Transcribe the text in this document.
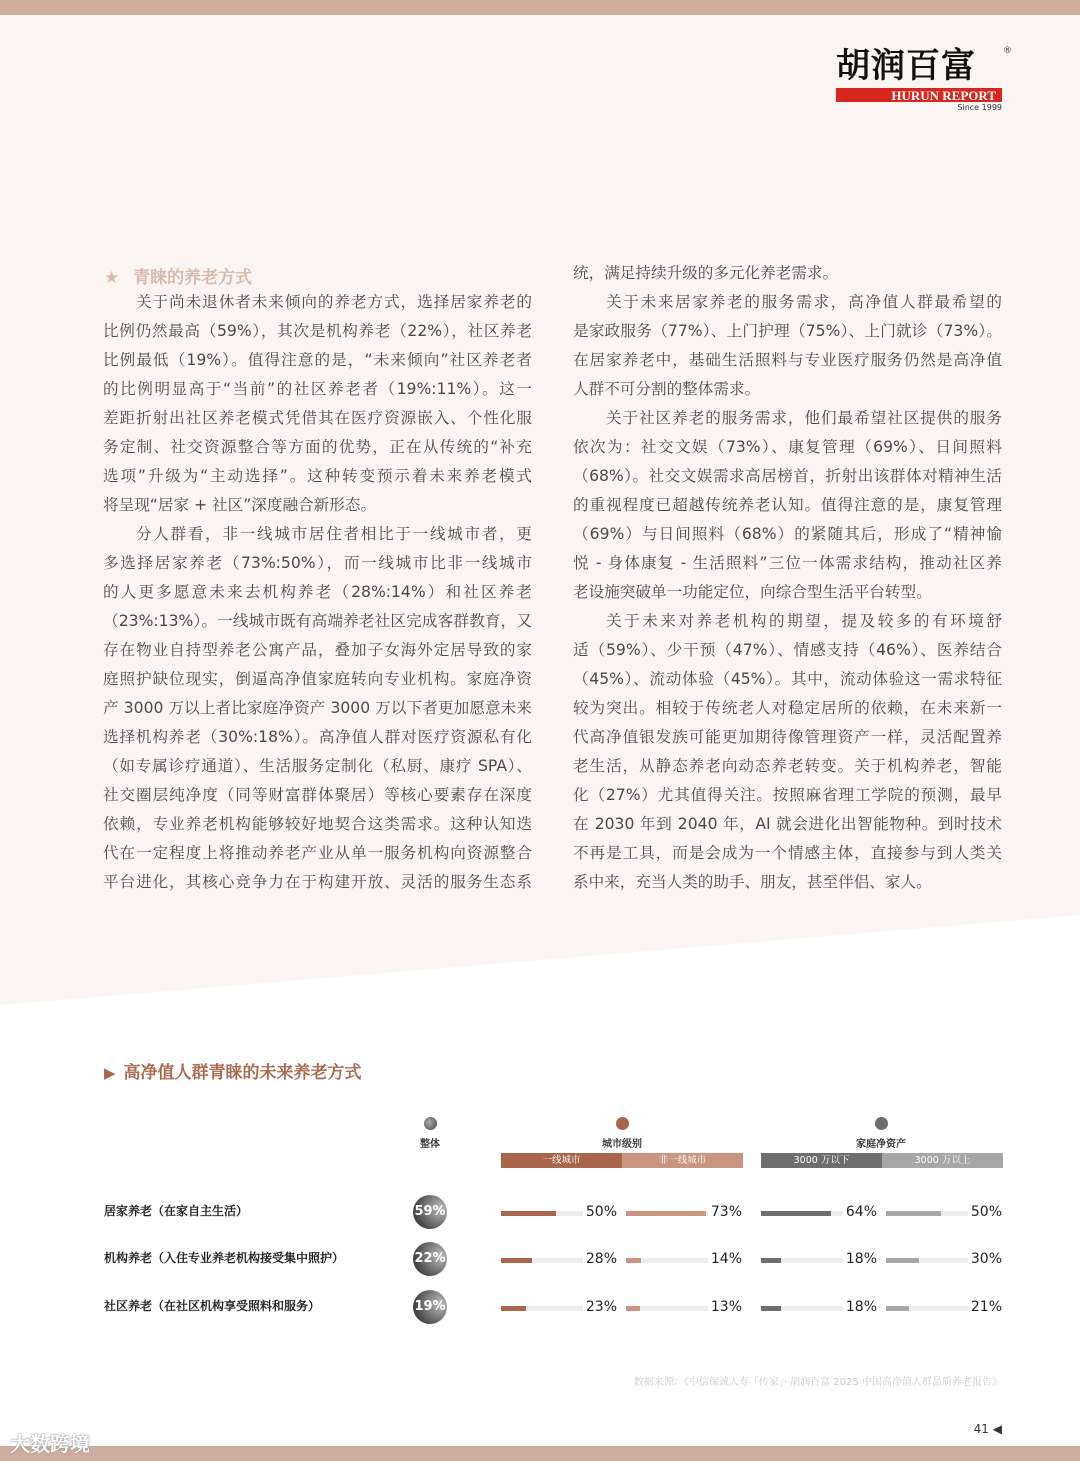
胡润百富	®
HURUN REPORT
Since 1999
★ 青睐的养老方式
关于尚未退休者未来倾向的养老方式，选择居家养老的
比例仍然最高（59%），其次是机构养老（22%），社区养老
比例最低（19%）。值得注意的是，“未来倾向”社区养老者
的比例明显高于“当前”的社区养老者（19%:11%）。这一
差距折射出社区养老模式凭借其在医疗资源嵌入、个性化服
务定制、社交资源整合等方面的优势，正在从传统的“补充
选项”升级为“主动选择”。这种转变预示着未来养老模式
将呈现“居家 + 社区”深度融合新形态。
分人群看，非一线城市居住者相比于一线城市者，更
多选择居家养老（73%:50%），而一线城市比非一线城市
的人更多愿意未来去机构养老（28%:14%）和社区养老
（23%:13%）。一线城市既有高端养老社区完成客群教育，又
存在物业自持型养老公寓产品，叠加子女海外定居导致的家
庭照护缺位现实，倒逼高净值家庭转向专业机构。家庭净资
产 3000 万以上者比家庭净资产 3000 万以下者更加愿意未来
选择机构养老（30%:18%）。高净值人群对医疗资源私有化
（如专属诊疗通道）、生活服务定制化（私厨、康疗 SPA）、
社交圈层纯净度（同等财富群体聚居）等核心要素存在深度
依赖，专业养老机构能够较好地契合这类需求。这种认知迭
代在一定程度上将推动养老产业从单一服务机构向资源整合
平台进化，其核心竞争力在于构建开放、灵活的服务生态系
统，满足持续升级的多元化养老需求。
关于未来居家养老的服务需求，高净值人群最希望的
是家政服务（77%）、上门护理（75%）、上门就诊（73%）。
在居家养老中，基础生活照料与专业医疗服务仍然是高净值
人群不可分割的整体需求。
关于社区养老的服务需求，他们最希望社区提供的服务
依次为：社交文娱（73%）、康复管理（69%）、日间照料
（68%）。社交文娱需求高居榜首，折射出该群体对精神生活
的重视程度已超越传统养老认知。值得注意的是，康复管理
（69%）与日间照料（68%）的紧随其后，形成了“精神愉
悦 - 身体康复 - 生活照料”三位一体需求结构，推动社区养
老设施突破单一功能定位，向综合型生活平台转型。
关于未来对养老机构的期望，提及较多的有环境舒
适（59%）、少干预（47%）、情感支持（46%）、医养结合
（45%）、流动体验（45%）。其中，流动体验这一需求特征
较为突出。相较于传统老人对稳定居所的依赖，在未来新一
代高净值银发族可能更加期待像管理资产一样，灵活配置养
老生活，从静态养老向动态养老转变。关于机构养老，智能
化（27%）尤其值得关注。按照麻省理工学院的预测，最早
在 2030 年到 2040 年，AI 就会进化出智能物种。到时技术
不再是工具，而是会成为一个情感主体，直接参与到人类关
系中来，充当人类的助手、朋友，甚至伴侣、家人。
▶ 高净值人群青睐的未来养老方式
整体	城市级别
一线城市	非一线城市
家庭净资产
3000 万以下	3000 万以上
居家养老（在家自主生活）	59%	50%	73%	64%	50%
机构养老（入住专业养老机构接受集中照护）	22%	28%	14%	18%	30%
社区养老（在社区机构享受照料和服务）	19%	23%	13%	18%	21%
数据来源：《中信保诚人寿「传家」· 胡润百富 2025 中国高净值人群品质养老报告》
41 ◀
大数跨境
